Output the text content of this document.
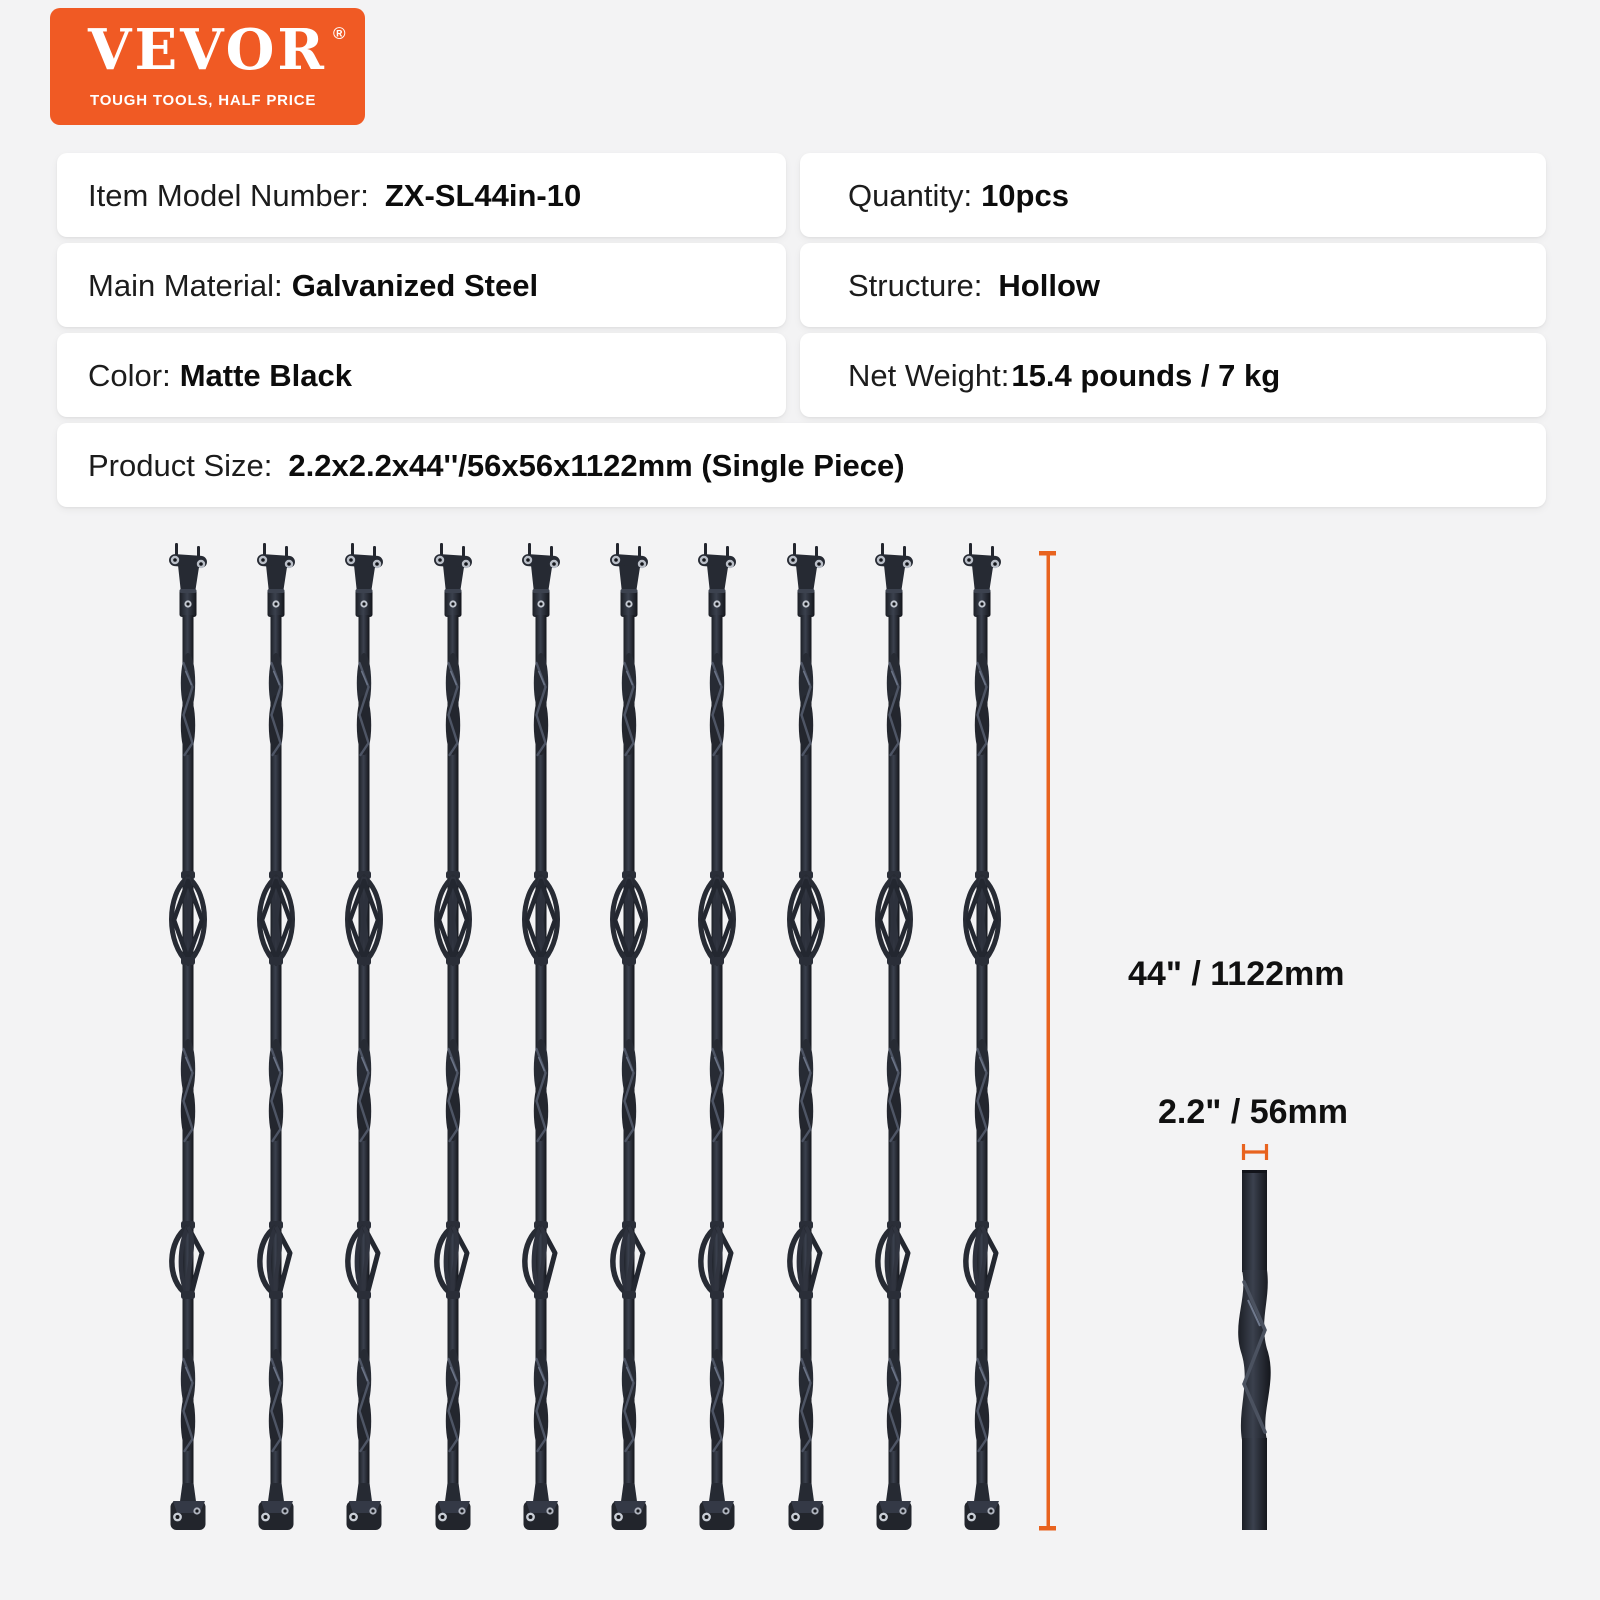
VEVOR ®
TOUGH TOOLS, HALF PRICE
Item Model Number: ZX-SL44in-10	Quantity: 10pcs
Main Material: Galvanized Steel	Structure: Hollow
Color: Matte Black	Net Weight: 15.4 pounds / 7 kg
Product Size: 2.2x2.2x44''/56x56x1122mm (Single Piece)
44" / 1122mm
2.2" / 56mm
